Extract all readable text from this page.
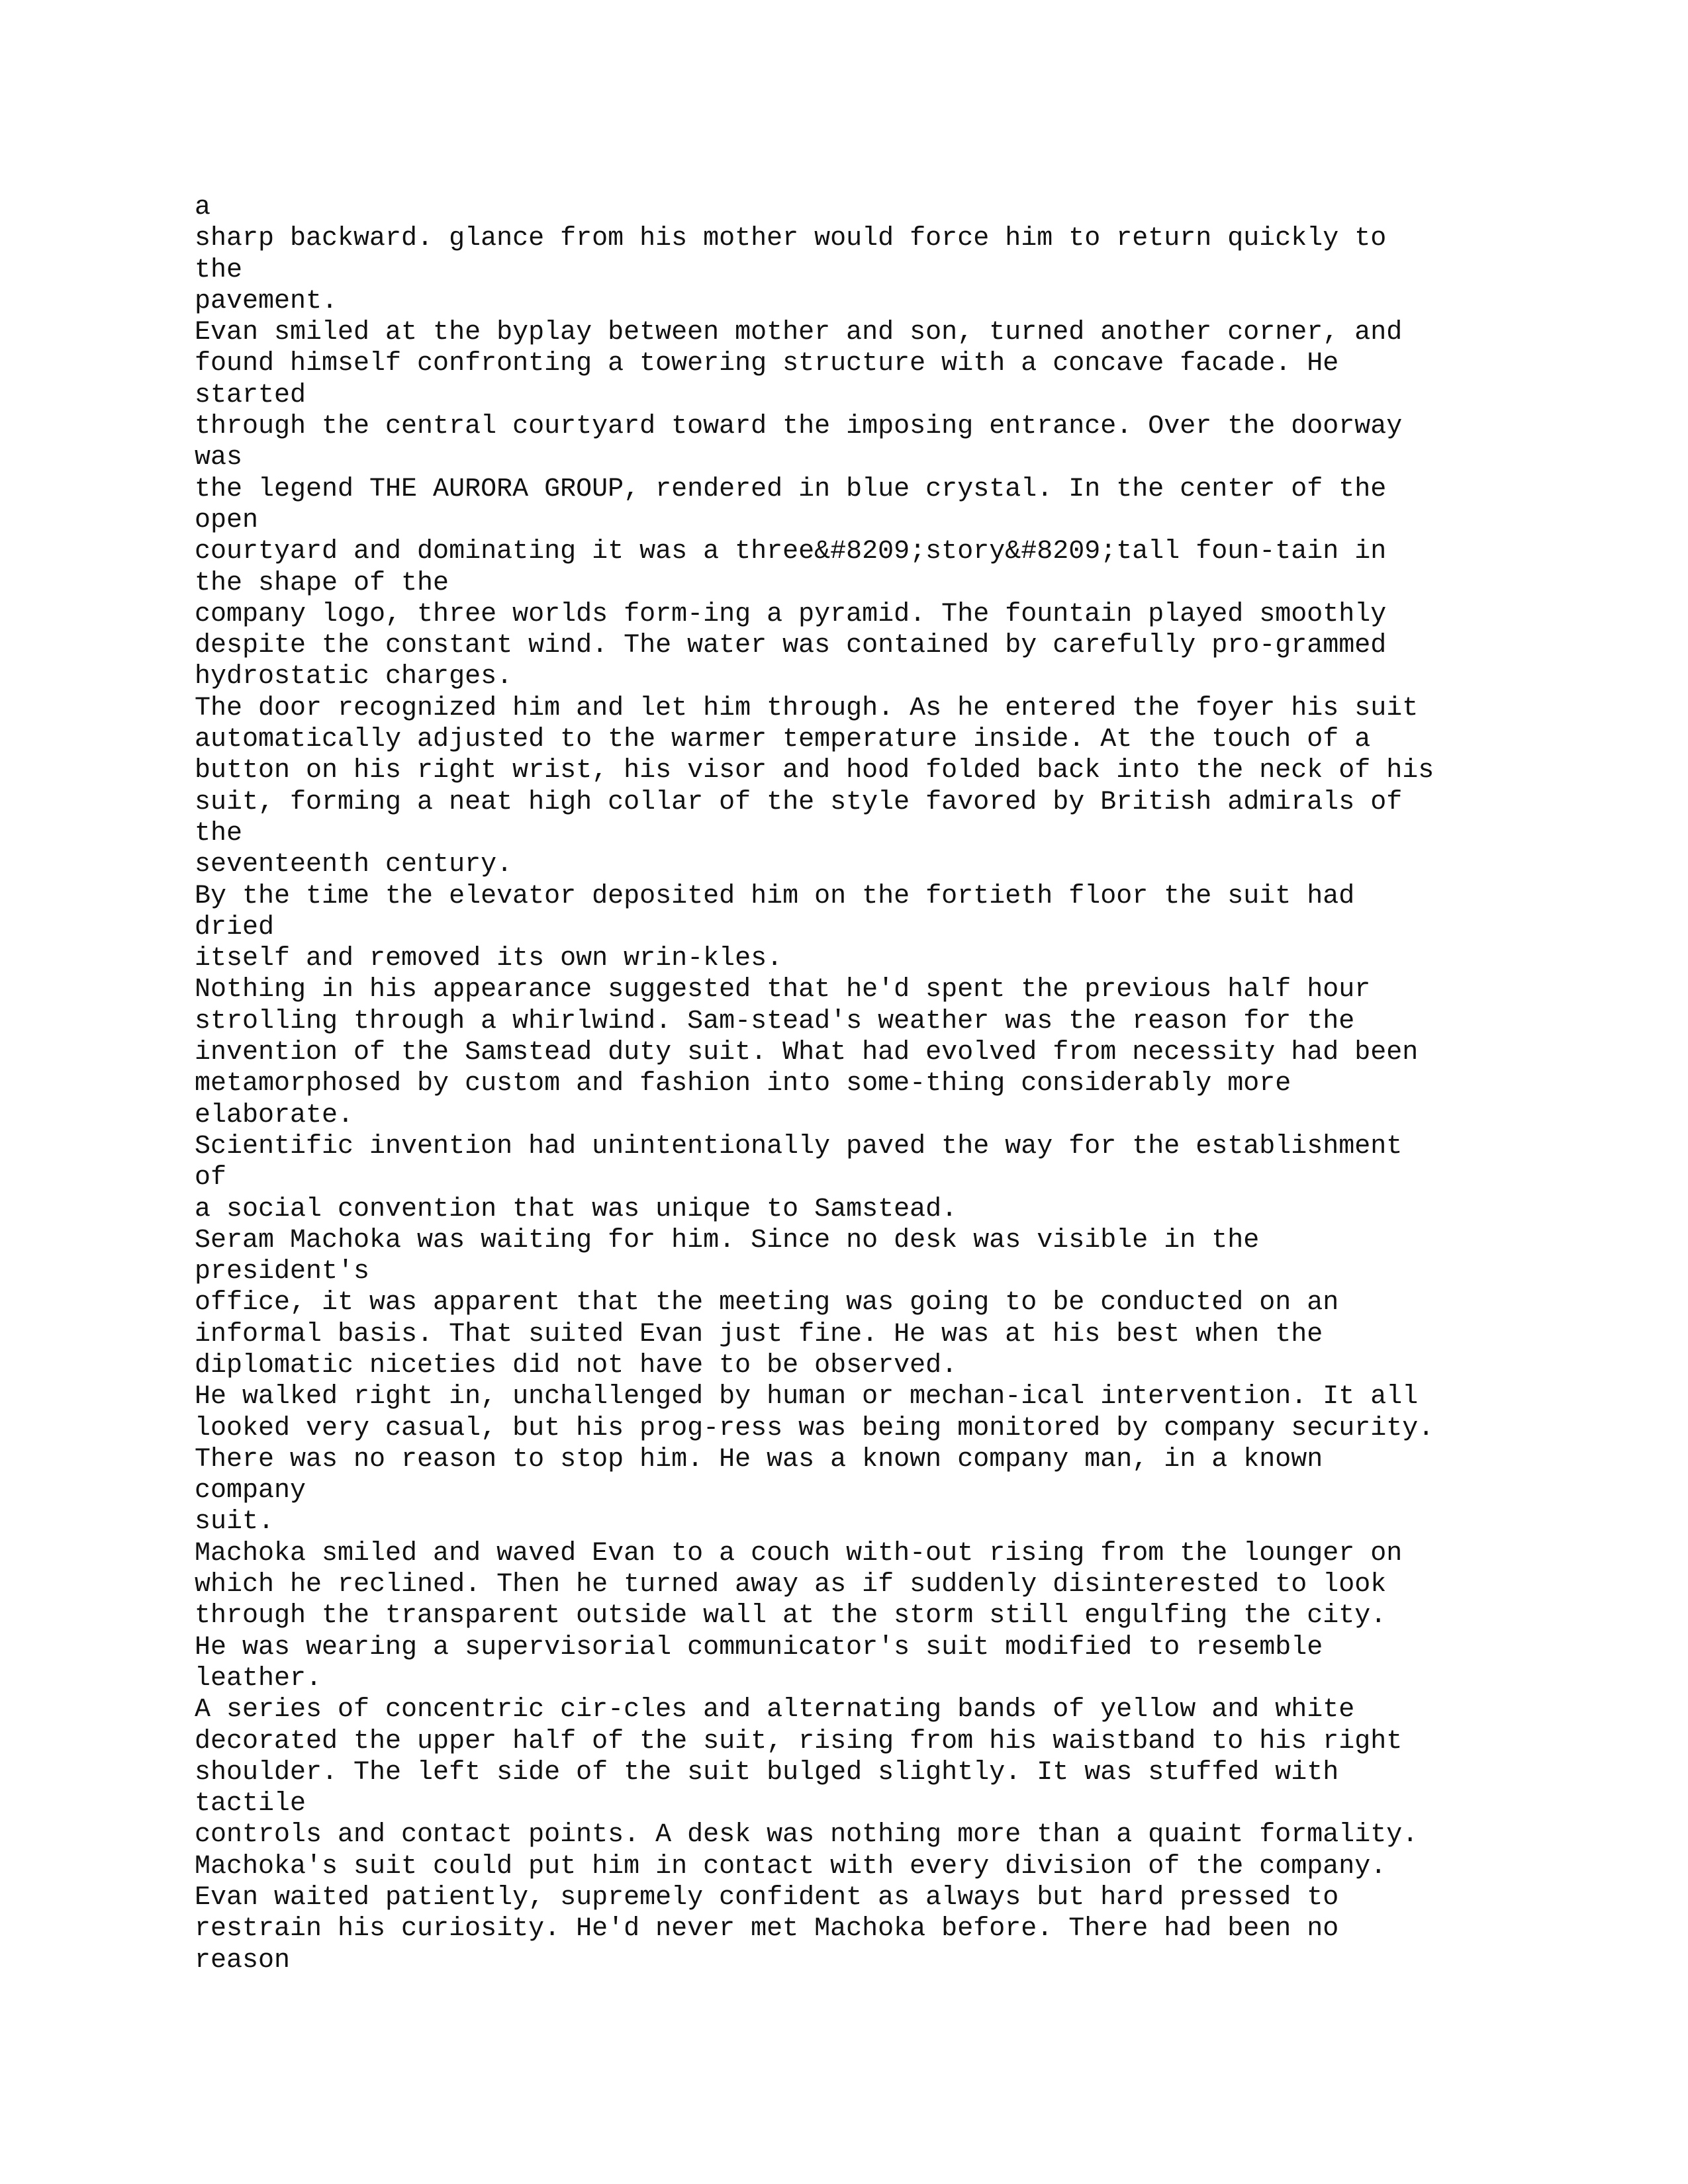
a
sharp backward. glance from his mother would force him to return quickly to
the
pavement.
Evan smiled at the byplay between mother and son, turned another corner, and
found himself confronting a towering structure with a concave facade. He
started
through the central courtyard toward the imposing entrance. Over the doorway
was
the legend THE AURORA GROUP, rendered in blue crystal. In the center of the
open
courtyard and dominating it was a three&#8209;story&#8209;tall foun-tain in
the shape of the
company logo, three worlds form-ing a pyramid. The fountain played smoothly
despite the constant wind. The water was contained by carefully pro-grammed
hydrostatic charges.
The door recognized him and let him through. As he entered the foyer his suit
automatically adjusted to the warmer temperature inside. At the touch of a
button on his right wrist, his visor and hood folded back into the neck of his
suit, forming a neat high collar of the style favored by British admirals of
the
seventeenth century.
By the time the elevator deposited him on the fortieth floor the suit had
dried
itself and removed its own wrin-kles.
Nothing in his appearance suggested that he'd spent the previous half hour
strolling through a whirlwind. Sam-stead's weather was the reason for the
invention of the Samstead duty suit. What had evolved from necessity had been
metamorphosed by custom and fashion into some-thing considerably more
elaborate.
Scientific invention had unintentionally paved the way for the establishment
of
a social convention that was unique to Samstead.
Seram Machoka was waiting for him. Since no desk was visible in the
president's
office, it was apparent that the meeting was going to be conducted on an
informal basis. That suited Evan just fine. He was at his best when the
diplomatic niceties did not have to be observed.
He walked right in, unchallenged by human or mechan-ical intervention. It all
looked very casual, but his prog-ress was being monitored by company security.
There was no reason to stop him. He was a known company man, in a known
company
suit.
Machoka smiled and waved Evan to a couch with-out rising from the lounger on
which he reclined. Then he turned away as if suddenly disinterested to look
through the transparent outside wall at the storm still engulfing the city.
He was wearing a supervisorial communicator's suit modified to resemble
leather.
A series of concentric cir-cles and alternating bands of yellow and white
decorated the upper half of the suit, rising from his waistband to his right
shoulder. The left side of the suit bulged slightly. It was stuffed with
tactile
controls and contact points. A desk was nothing more than a quaint formality.
Machoka's suit could put him in contact with every division of the company.
Evan waited patiently, supremely confident as always but hard pressed to
restrain his curiosity. He'd never met Machoka before. There had been no
reason
